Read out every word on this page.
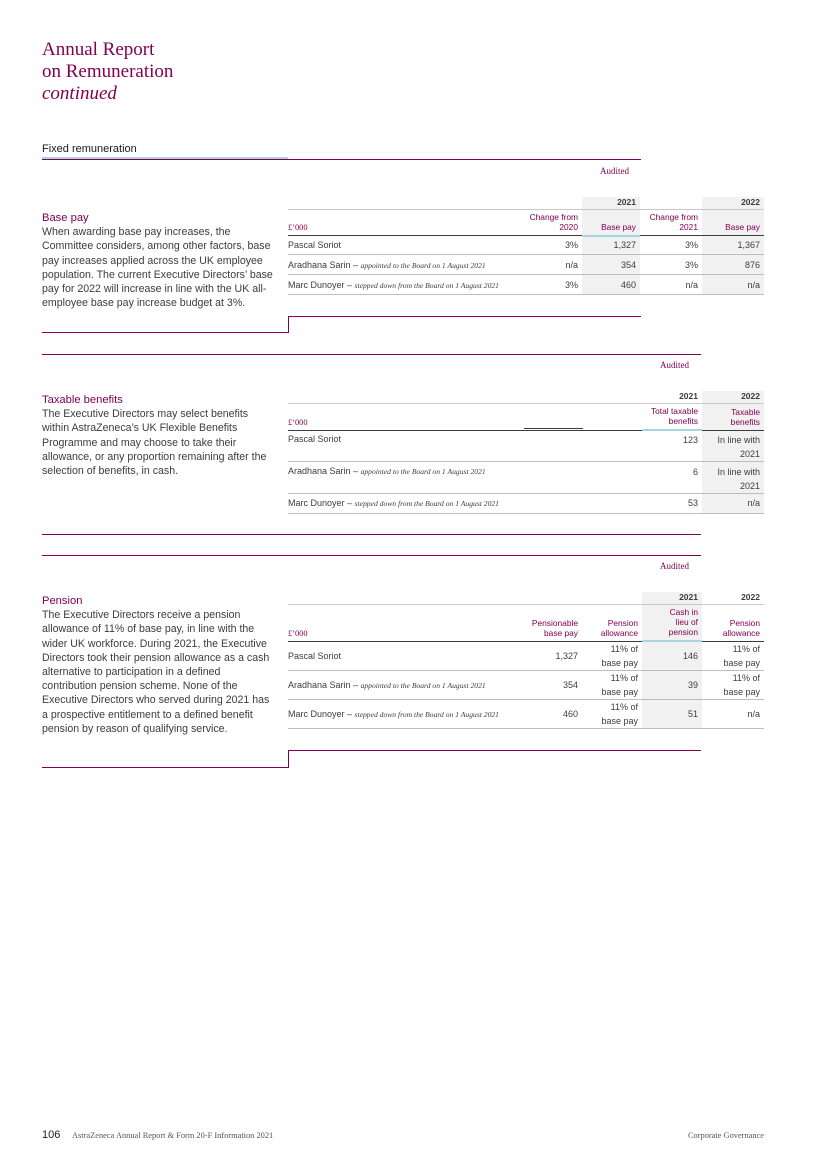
Annual Report
on Remuneration
continued
Fixed remuneration
Audited
Base pay
When awarding base pay increases, the Committee considers, among other factors, base pay increases applied across the UK employee population. The current Executive Directors’ base pay for 2022 will increase in line with the UK all-employee base pay increase budget at 3%.
		2021		2022
£’000	Change from 2020	Base pay	Change from 2021	Base pay
Pascal Soriot	3%	1,327	3%	1,367
Aradhana Sarin – appointed to the Board on 1 August 2021	n/a	354	3%	876
Marc Dunoyer – stepped down from the Board on 1 August 2021	3%	460	n/a	n/a
Audited
Taxable benefits
The Executive Directors may select benefits within AstraZeneca’s UK Flexible Benefits Programme and may choose to take their allowance, or any proportion remaining after the selection of benefits, in cash.
	2021	2022
£’000	Total taxable benefits	Taxable benefits
Pascal Soriot	123	In line with 2021

Aradhana Sarin – appointed to the Board on 1 August 2021	6	In line with 2021

Marc Dunoyer – stepped down from the Board on 1 August 2021	53	n/a
Audited
Pension
The Executive Directors receive a pension allowance of 11% of base pay, in line with the wider UK workforce. During 2021, the Executive Directors took their pension allowance as a cash alternative to participation in a defined contribution pension scheme. None of the Executive Directors who served during 2021 has a prospective entitlement to a defined benefit pension by reason of qualifying service.
			2021	2022
£’000	Pensionable base pay	Pension allowance	Cash in lieu of pension	Pension allowance

Pascal Soriot	1,327	11% of base pay	146	11% of base pay

Aradhana Sarin – appointed to the Board on 1 August 2021	354	11% of base pay	39	11% of base pay

Marc Dunoyer – stepped down from the Board on 1 August 2021	460	11% of base pay	51	n/a
106 AstraZeneca Annual Report & Form 20-F Information 2021	Corporate Governance
